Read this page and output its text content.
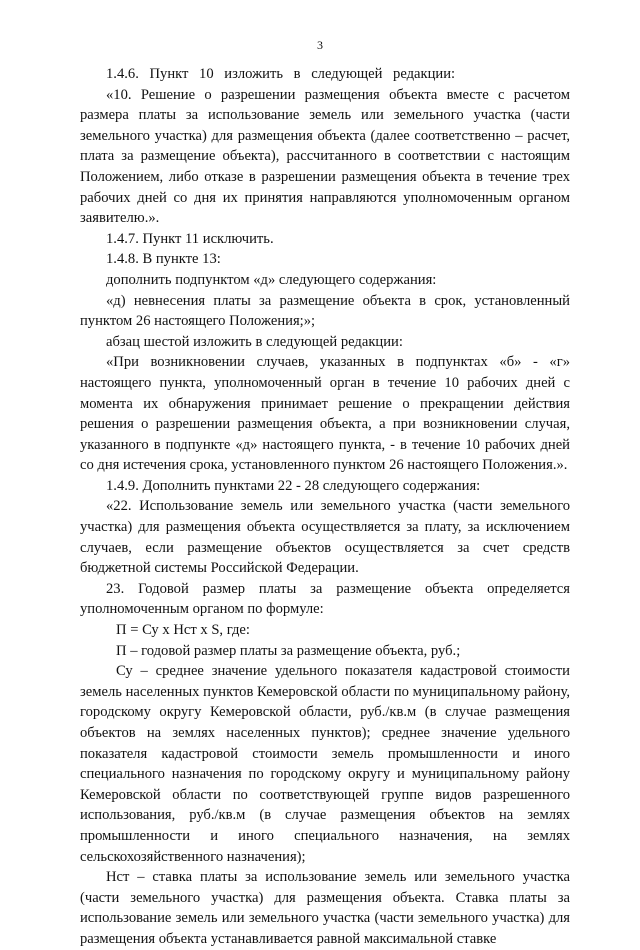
3

1.4.6. Пункт 10 изложить в следующей редакции:

«10. Решение о разрешении размещения объекта вместе с расчетом размера платы за использование земель или земельного участка (части земельного участка) для размещения объекта (далее соответственно – расчет, плата за размещение объекта), рассчитанного в соответствии с настоящим Положением, либо отказе в разрешении размещения объекта в течение трех рабочих дней со дня их принятия направляются уполномоченным органом заявителю.».

1.4.7. Пункт 11 исключить.

1.4.8. В пункте 13:

дополнить подпунктом «д» следующего содержания:

«д) невнесения платы за размещение объекта в срок, установленный пунктом 26 настоящего Положения;»;

абзац шестой изложить в следующей редакции:

«При возникновении случаев, указанных в подпунктах «б» - «г» настоящего пункта, уполномоченный орган в течение 10 рабочих дней с момента их обнаружения принимает решение о прекращении действия решения о разрешении размещения объекта, а при возникновении случая, указанного в подпункте «д» настоящего пункта, - в течение 10 рабочих дней со дня истечения срока, установленного пунктом 26 настоящего Положения.».

1.4.9. Дополнить пунктами 22 - 28 следующего содержания:

«22. Использование земель или земельного участка (части земельного участка) для размещения объекта осуществляется за плату, за исключением случаев, если размещение объектов осуществляется за счет средств бюджетной системы Российской Федерации.

23. Годовой размер платы за размещение объекта определяется уполномоченным органом по формуле:

П = Су х Нст х S, где:

П – годовой размер платы за размещение объекта, руб.;

Су – среднее значение удельного показателя кадастровой стоимости земель населенных пунктов Кемеровской области по муниципальному району, городскому округу Кемеровской области, руб./кв.м (в случае размещения объектов на землях населенных пунктов); среднее значение удельного показателя кадастровой стоимости земель промышленности и иного специального назначения по городскому округу и муниципальному району Кемеровской области по соответствующей группе видов разрешенного использования, руб./кв.м (в случае размещения объектов на землях промышленности и иного специального назначения, на землях сельскохозяйственного назначения);

Нст – ставка платы за использование земель или земельного участка (части земельного участка) для размещения объекта. Ставка платы за использование земель или земельного участка (части земельного участка) для размещения объекта устанавливается равной максимальной ставке
